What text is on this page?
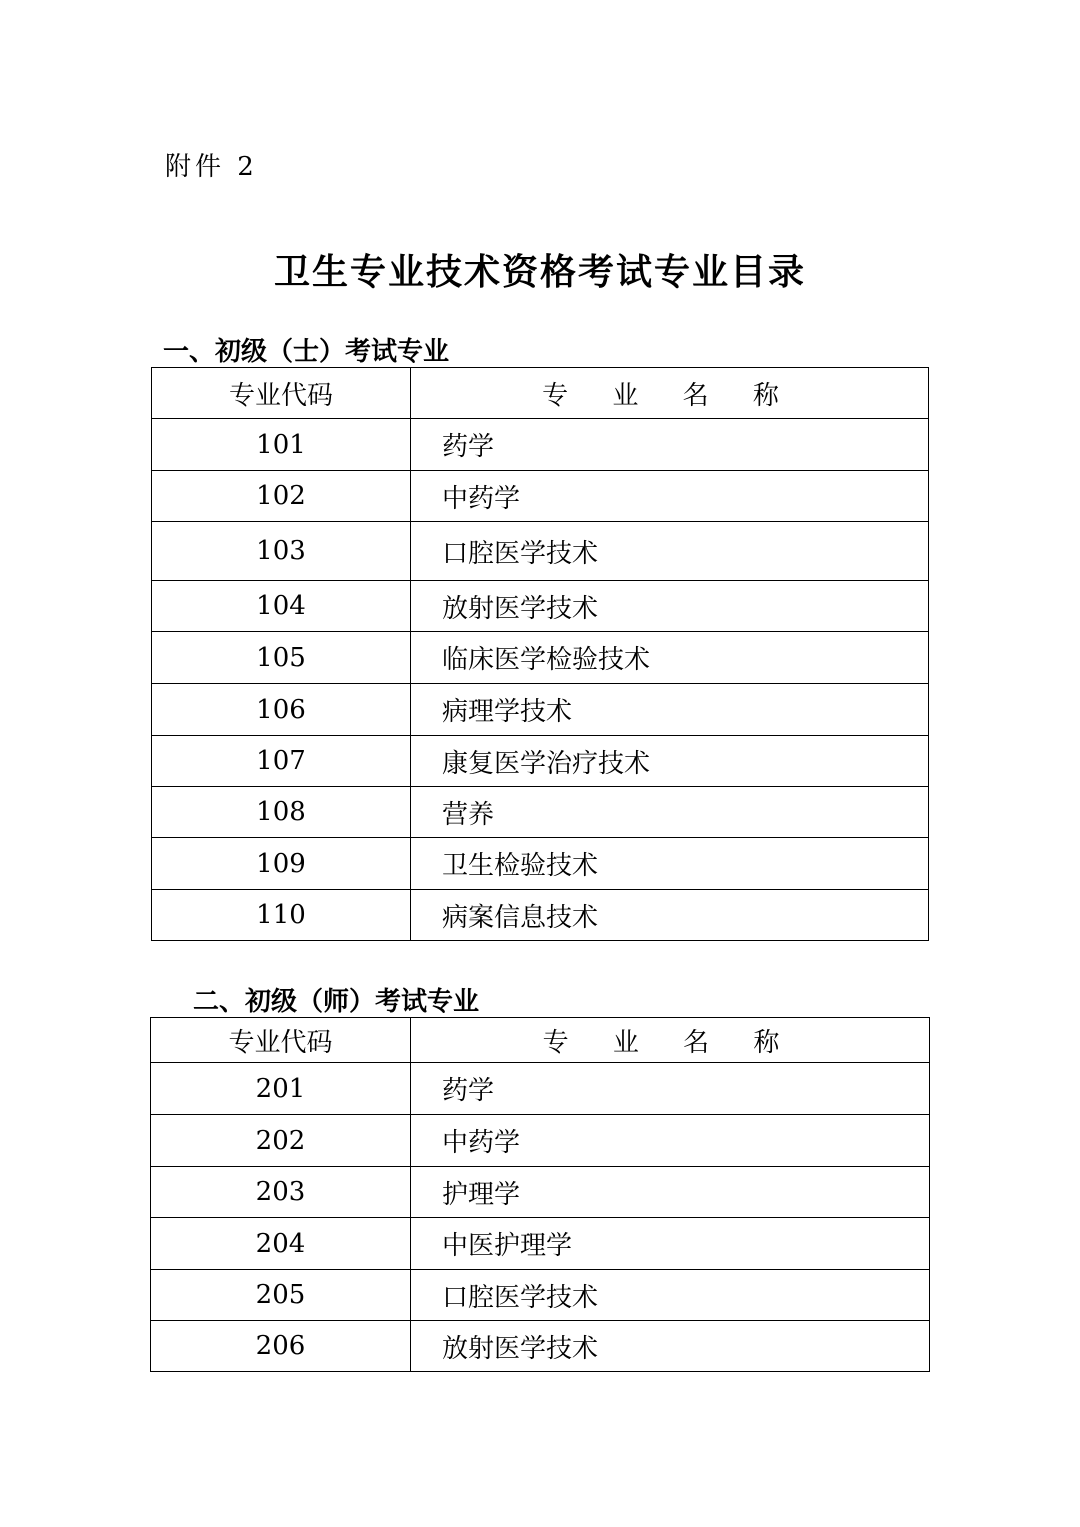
附件 2
卫生专业技术资格考试专业目录
一、初级（士）考试专业
专业代码	专 业 名 称
101	药学
102	中药学
103	口腔医学技术
104	放射医学技术
105	临床医学检验技术
106	病理学技术
107	康复医学治疗技术
108	营养
109	卫生检验技术
110	病案信息技术
二、初级（师）考试专业
专业代码	专 业 名 称
201	药学
202	中药学
203	护理学
204	中医护理学
205	口腔医学技术
206	放射医学技术
